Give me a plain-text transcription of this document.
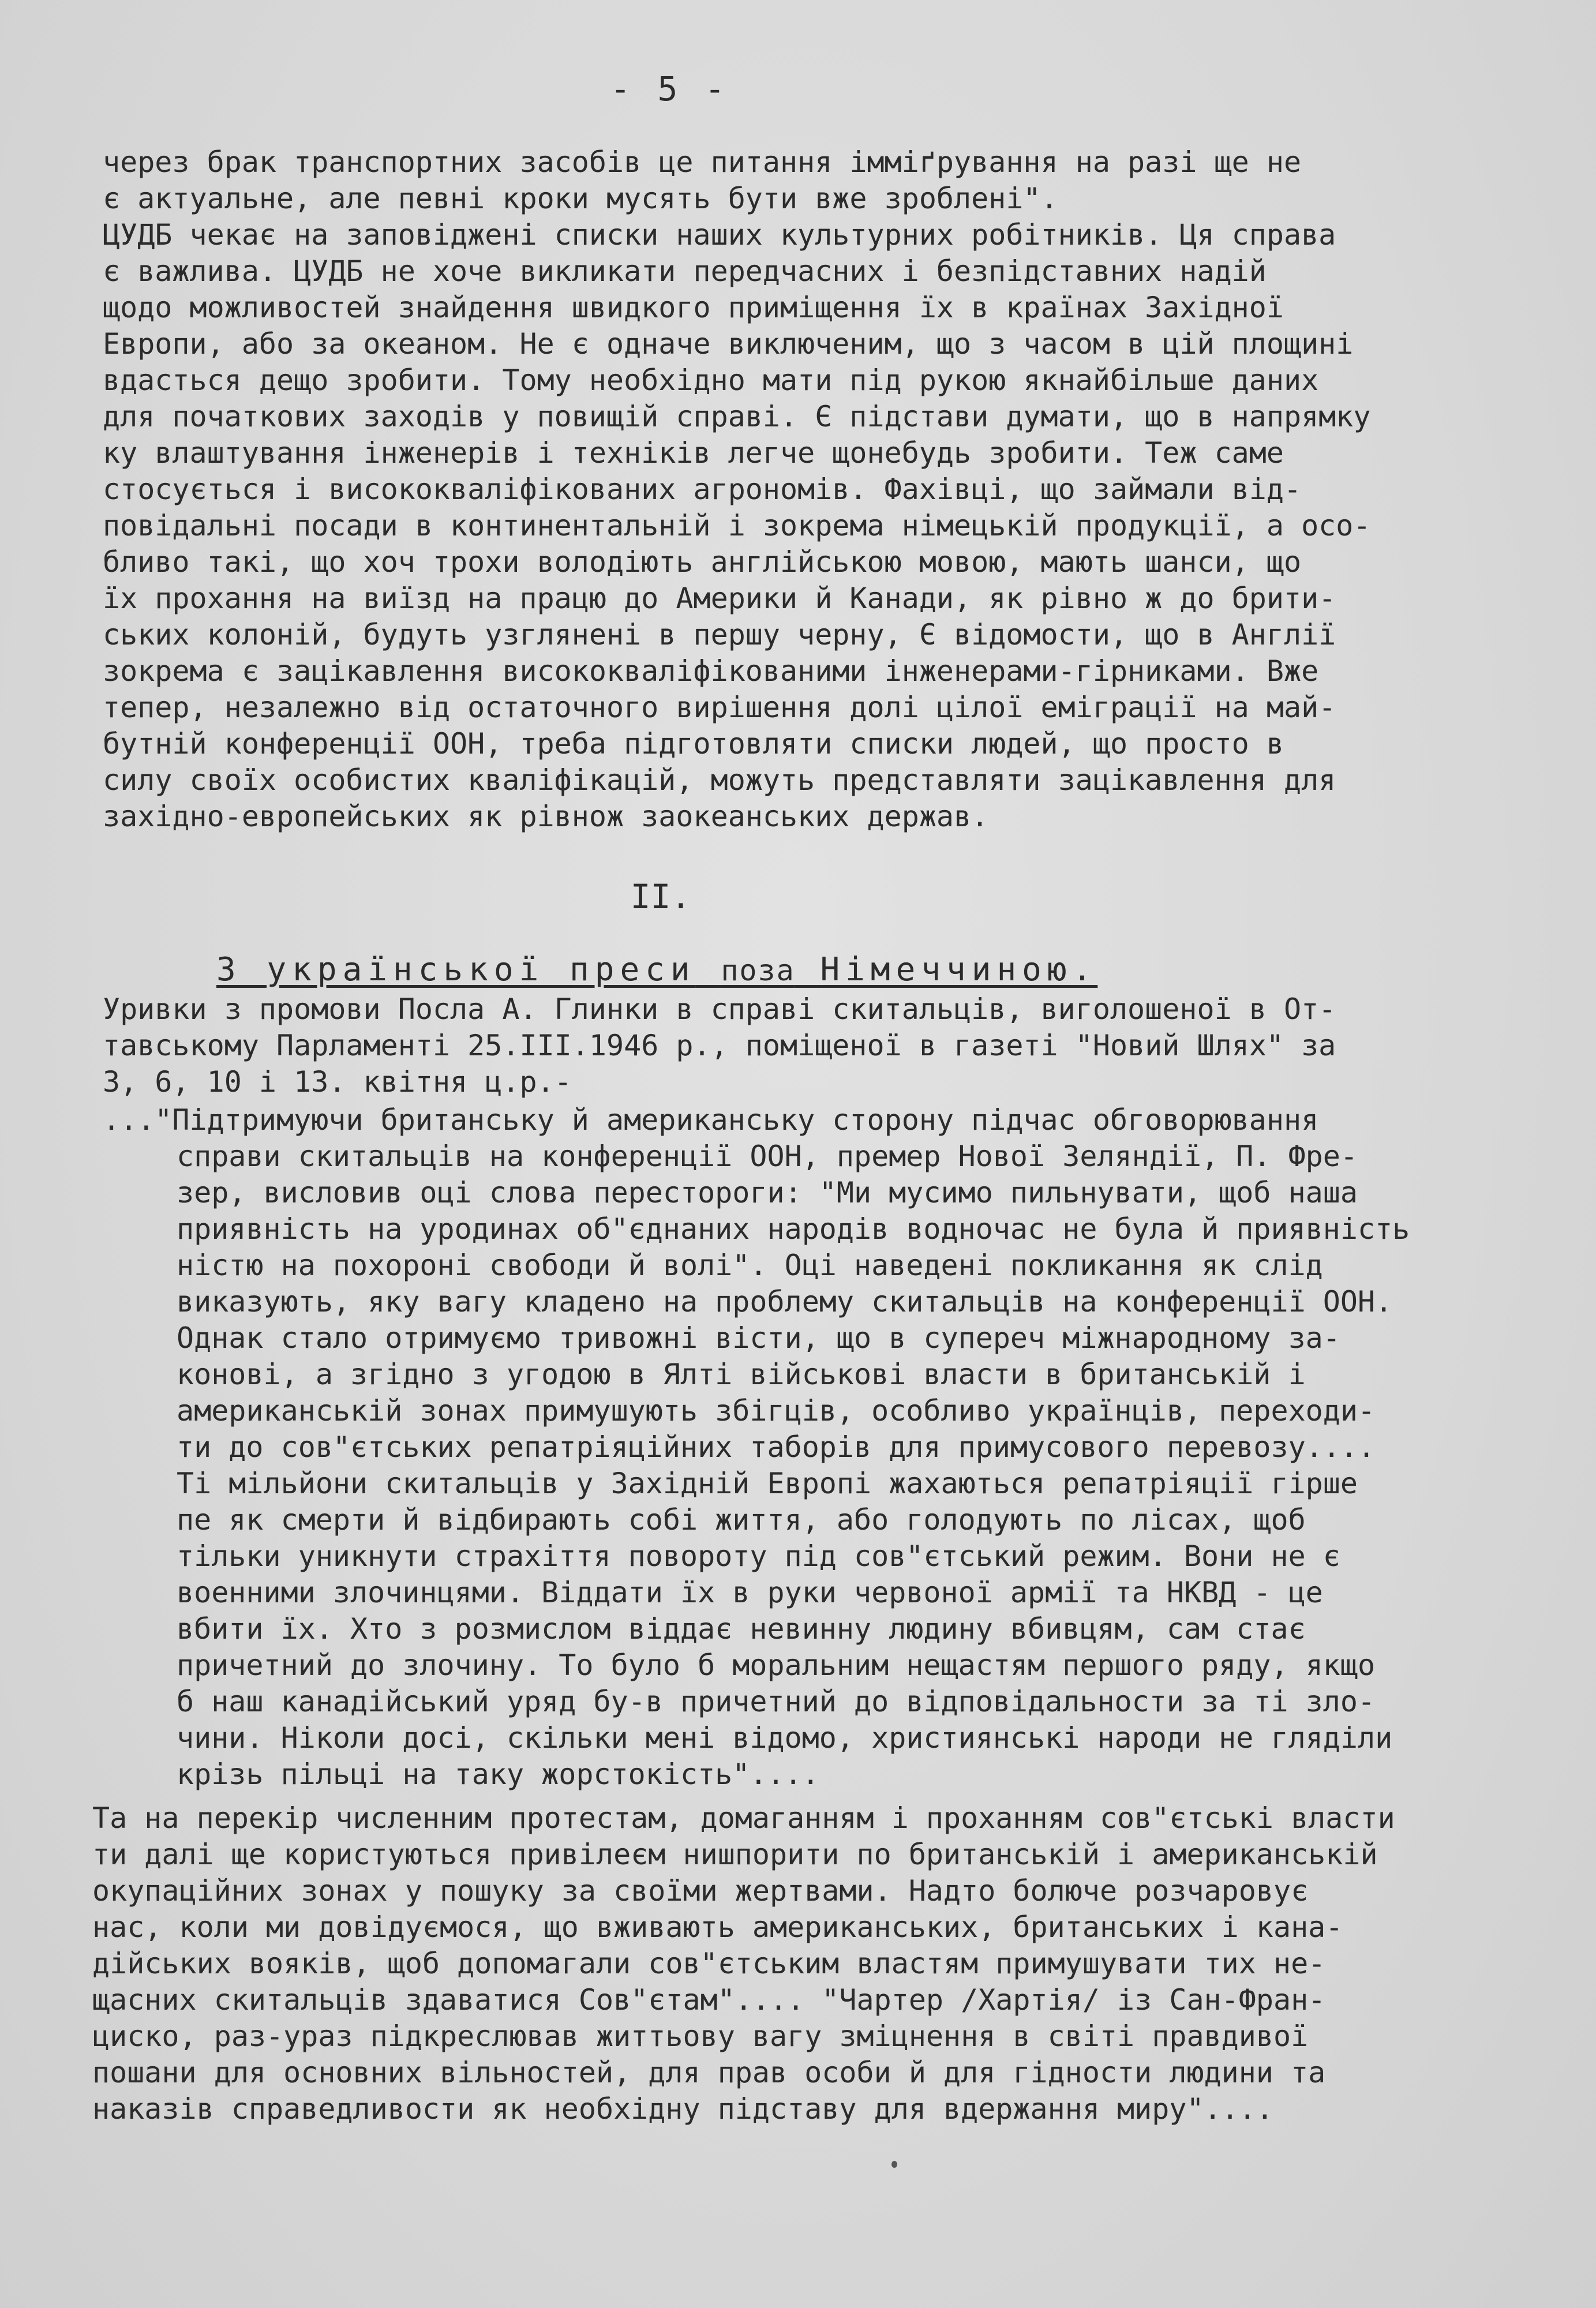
- 5 -
через брак транспортних засобів це питання імміґрування на разі ще не
є актуальне, але певні кроки мусять бути вже зроблені".
ЦУДБ чекає на заповіджені списки наших культурних робітників. Ця справа
є важлива. ЦУДБ не хоче викликати передчасних і безпідставних надій
щодо можливостей знайдення швидкого приміщення їх в країнах Західної
Европи, або за океаном. Не є одначе виключеним, що з часом в цій площині
вдасться дещо зробити. Тому необхідно мати під рукою якнайбільше даних
для початкових заходів у повищій справі. Є підстави думати, що в напрямку
ку влаштування інженерів і техніків легче щонебудь зробити. Теж саме
стосується і висококваліфікованих агрономів. Фахівці, що займали від-
повідальні посади в континентальній і зокрема німецькій продукції, а осо-
бливо такі, що хоч трохи володіють англійською мовою, мають шанси, що
їх прохання на виїзд на працю до Америки й Канади, як рівно ж до брити-
ських колоній, будуть узглянені в першу черну, Є відомости, що в Англії
зокрема є зацікавлення висококваліфікованими інженерами-гірниками. Вже
тепер, незалежно від остаточного вирішення долі цілої еміграції на май-
бутній конференції ООН, треба підготовляти списки людей, що просто в
силу своїх особистих кваліфікацій, можуть представляти зацікавлення для
західно-европейських як рівнож заокеанських держав.
II.
З української преси поза Німеччиною.
Уривки з промови Посла А. Глинки в справі скитальців, виголошеної в От-
тавському Парламенті 25.III.1946 р., поміщеної в газеті "Новий Шлях" за
3, 6, 10 і 13. квітня ц.р.-
..."Підтримуючи британську й американську сторону підчас обговорювання
справи скитальців на конференції ООН, премер Нової Зеляндії, П. Фре-
зер, висловив оці слова перестороги: "Ми мусимо пильнувати, щоб наша
приявність на уродинах об"єднаних народів водночас не була й приявність
ністю на похороні свободи й волі". Оці наведені покликання як слід
виказують, яку вагу кладено на проблему скитальців на конференції ООН.
Однак стало отримуємо тривожні вісти, що в супереч міжнародному за-
конові, а згідно з угодою в Ялті військові власти в британській і
американській зонах примушують збігців, особливо українців, переходи-
ти до сов"єтських репатріяційних таборів для примусового перевозу....
Ті мільйони скитальців у Західній Европі жахаються репатріяції гірше
пе як смерти й відбирають собі життя, або голодують по лісах, щоб
тільки уникнути страхіття повороту під сов"єтський режим. Вони не є
военними злочинцями. Віддати їх в руки червоної армії та НКВД - це
вбити їх. Хто з розмислом віддає невинну людину вбивцям, сам стає
причетний до злочину. То було б моральним нещастям першого ряду, якщо
б наш канадійський уряд бу-в причетний до відповідальности за ті зло-
чини. Ніколи досі, скільки мені відомо, християнські народи не глядiли
крізь пільці на таку жорстокість"....
Та на перекір численним протестам, домаганням і проханням сов"єтські власти
ти далі ще користуються привілеєм нишпорити по британській і американській
окупаційних зонах у пошуку за своїми жертвами. Надто болюче розчаровує
нас, коли ми довідуємося, що вживають американських, британських і кана-
дійських вояків, щоб допомагали сов"єтським властям примушувати тих не-
щасних скитальців здаватися Сов"єтам".... "Чартер /Хартія/ із Сан-Фран-
циско, раз-ураз підкреслював життьову вагу зміцнення в світі правдивої
пошани для основних вільностей, для прав особи й для гідности людини та
наказів справедливости як необхідну підставу для вдержання миру"....
